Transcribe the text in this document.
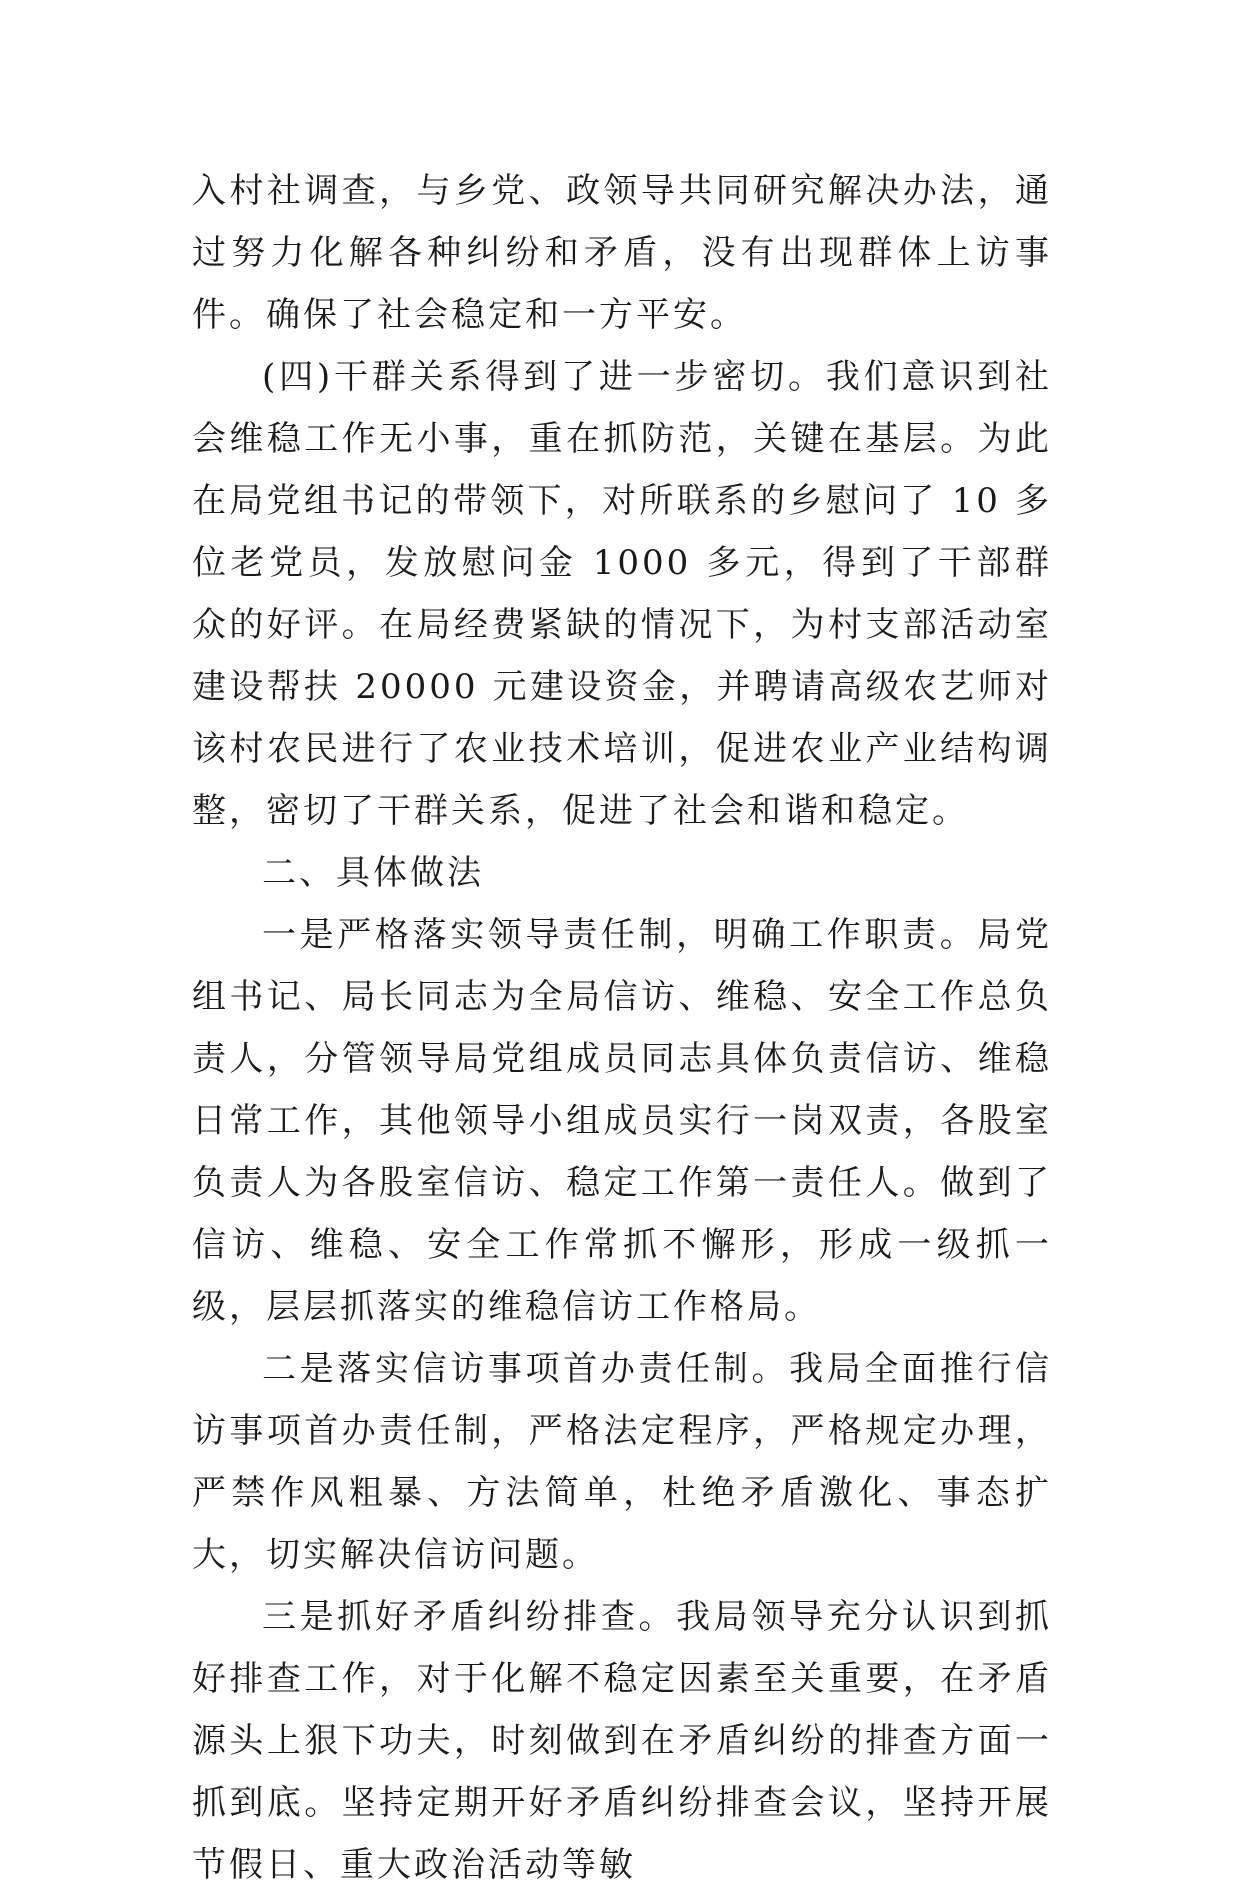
入村社调查，与乡党、政领导共同研究解决办法，通过努力化解各种纠纷和矛盾，没有出现群体上访事件。确保了社会稳定和一方平安。

(四)干群关系得到了进一步密切。我们意识到社会维稳工作无小事，重在抓防范，关键在基层。为此在局党组书记的带领下，对所联系的乡慰问了 10 多位老党员，发放慰问金 1000 多元，得到了干部群众的好评。在局经费紧缺的情况下，为村支部活动室建设帮扶 20000 元建设资金，并聘请高级农艺师对该村农民进行了农业技术培训，促进农业产业结构调整，密切了干群关系，促进了社会和谐和稳定。

二、具体做法

一是严格落实领导责任制，明确工作职责。局党组书记、局长同志为全局信访、维稳、安全工作总负责人，分管领导局党组成员同志具体负责信访、维稳日常工作，其他领导小组成员实行一岗双责，各股室负责人为各股室信访、稳定工作第一责任人。做到了信访、维稳、安全工作常抓不懈形，形成一级抓一级，层层抓落实的维稳信访工作格局。

二是落实信访事项首办责任制。我局全面推行信访事项首办责任制，严格法定程序，严格规定办理，严禁作风粗暴、方法简单，杜绝矛盾激化、事态扩大，切实解决信访问题。

三是抓好矛盾纠纷排查。我局领导充分认识到抓好排查工作，对于化解不稳定因素至关重要，在矛盾源头上狠下功夫，时刻做到在矛盾纠纷的排查方面一抓到底。坚持定期开好矛盾纠纷排查会议，坚持开展节假日、重大政治活动等敏
